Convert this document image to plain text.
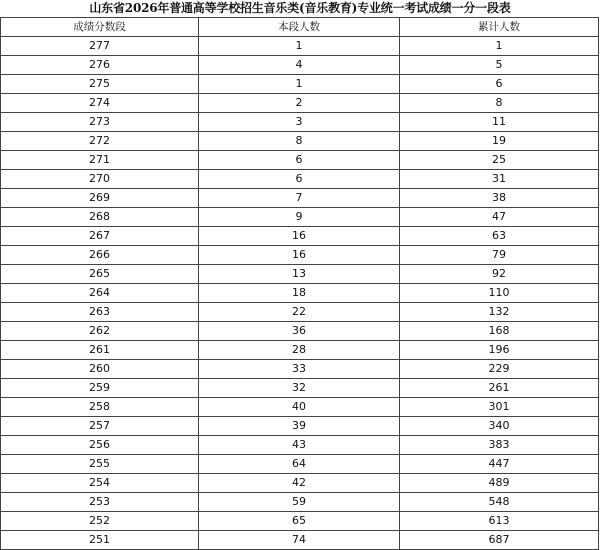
山东省2026年普通高等学校招生音乐类(音乐教育)专业统一考试成绩一分一段表
成绩分数段	本段人数	累计人数
277	1	1
276	4	5
275	1	6
274	2	8
273	3	11
272	8	19
271	6	25
270	6	31
269	7	38
268	9	47
267	16	63
266	16	79
265	13	92
264	18	110
263	22	132
262	36	168
261	28	196
260	33	229
259	32	261
258	40	301
257	39	340
256	43	383
255	64	447
254	42	489
253	59	548
252	65	613
251	74	687
